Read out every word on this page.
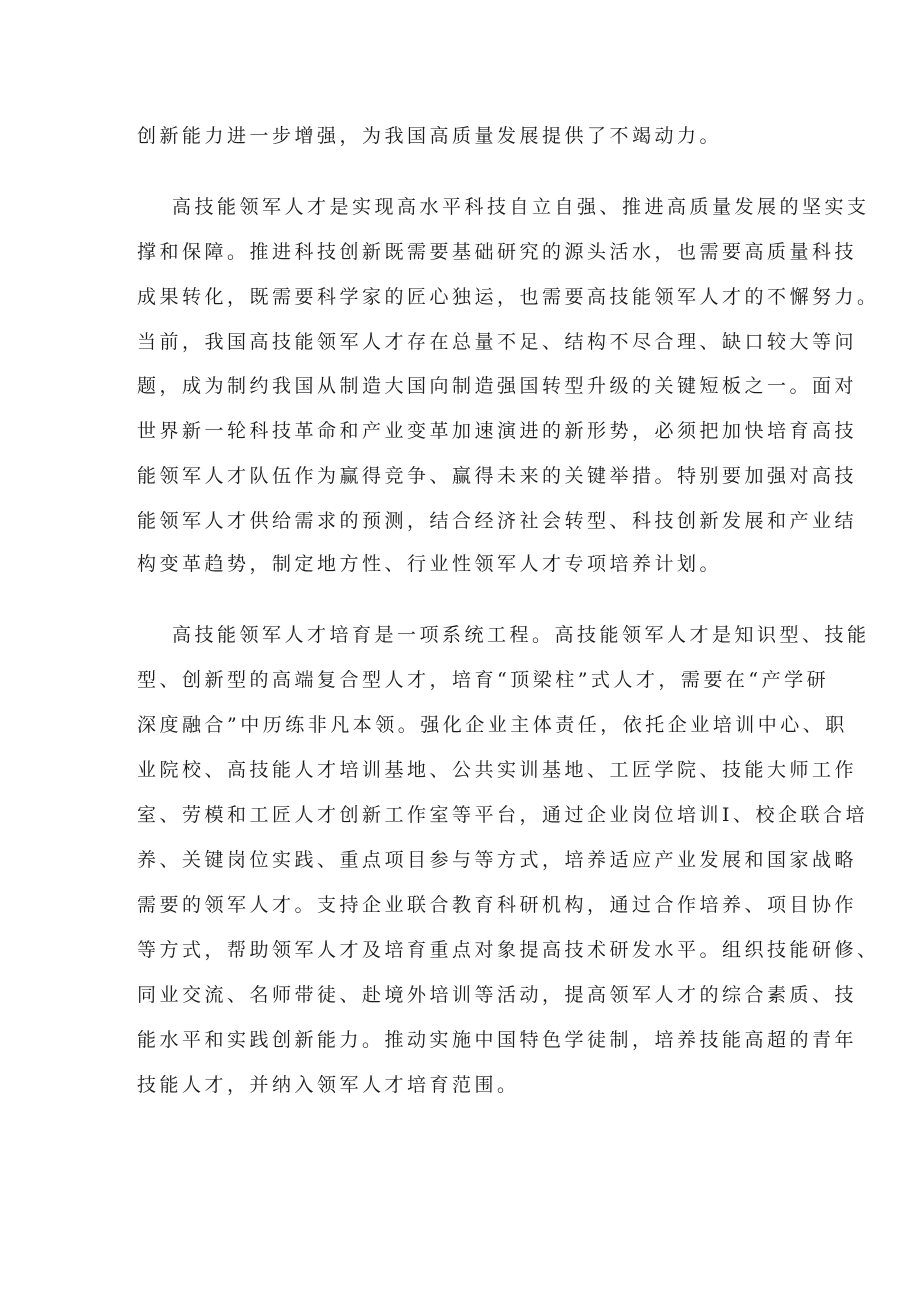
创新能力进一步增强，为我国高质量发展提供了不竭动力。

高技能领军人才是实现高水平科技自立自强、推进高质量发展的坚实支

撑和保障。推进科技创新既需要基础研究的源头活水，也需要高质量科技

成果转化，既需要科学家的匠心独运，也需要高技能领军人才的不懈努力。

当前，我国高技能领军人才存在总量不足、结构不尽合理、缺口较大等问

题，成为制约我国从制造大国向制造强国转型升级的关键短板之一。面对

世界新一轮科技革命和产业变革加速演进的新形势，必须把加快培育高技

能领军人才队伍作为赢得竞争、赢得未来的关键举措。特别要加强对高技

能领军人才供给需求的预测，结合经济社会转型、科技创新发展和产业结

构变革趋势，制定地方性、行业性领军人才专项培养计划。

高技能领军人才培育是一项系统工程。高技能领军人才是知识型、技能

型、创新型的高端复合型人才，培育“顶梁柱”式人才，需要在“产学研

深度融合”中历练非凡本领。强化企业主体责任，依托企业培训中心、职

业院校、高技能人才培训基地、公共实训基地、工匠学院、技能大师工作

室、劳模和工匠人才创新工作室等平台，通过企业岗位培训I、校企联合培

养、关键岗位实践、重点项目参与等方式，培养适应产业发展和国家战略

需要的领军人才。支持企业联合教育科研机构，通过合作培养、项目协作

等方式，帮助领军人才及培育重点对象提高技术研发水平。组织技能研修、

同业交流、名师带徒、赴境外培训等活动，提高领军人才的综合素质、技

能水平和实践创新能力。推动实施中国特色学徒制，培养技能高超的青年

技能人才，并纳入领军人才培育范围。
